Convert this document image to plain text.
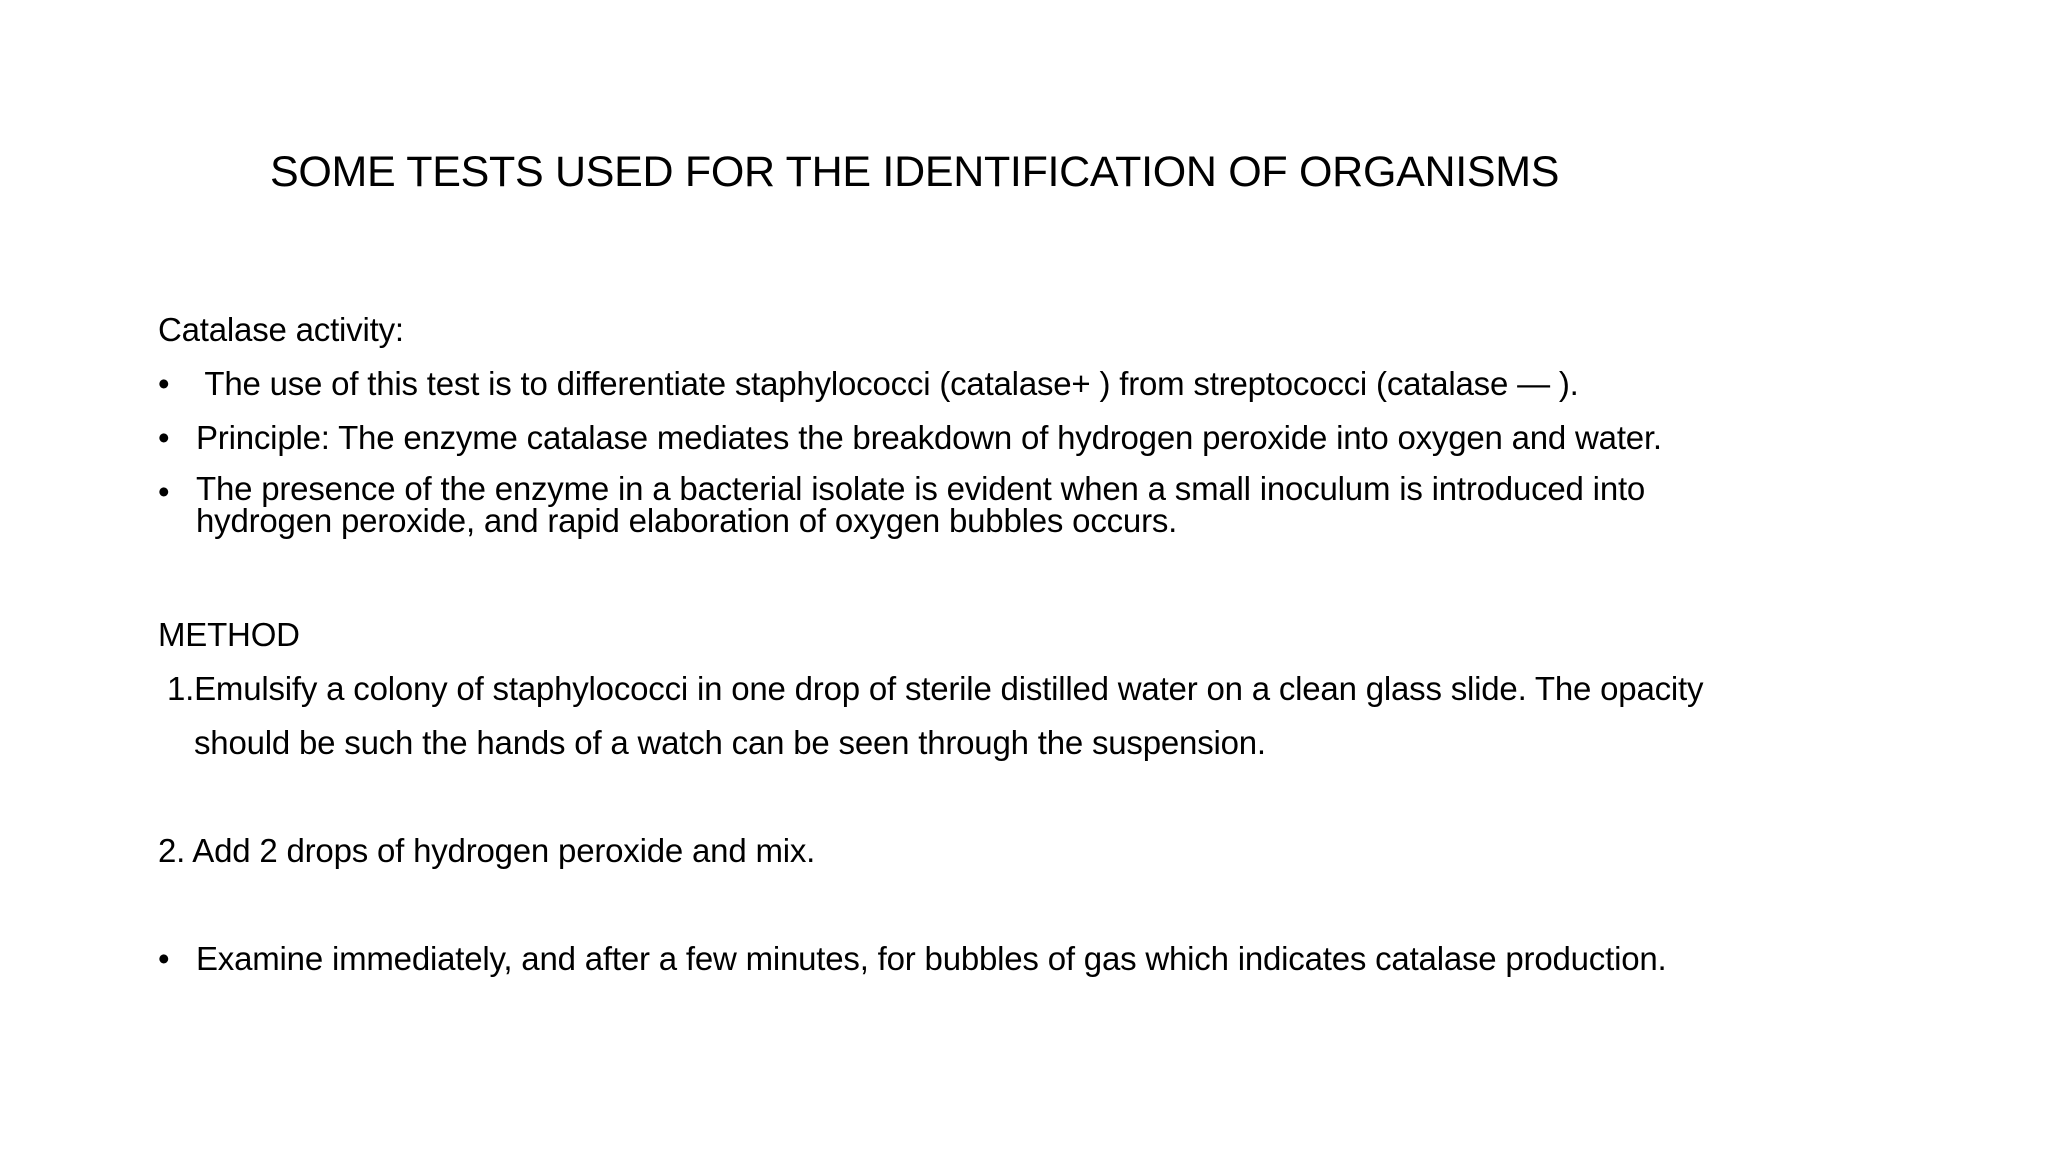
SOME TESTS USED FOR THE IDENTIFICATION OF ORGANISMS
Catalase activity:
• The use of this test is to differentiate staphylococci (catalase+ ) from streptococci (catalase — ).
• Principle: The enzyme catalase mediates the breakdown of hydrogen peroxide into oxygen and water.
• The presence of the enzyme in a bacterial isolate is evident when a small inoculum is introduced into
hydrogen peroxide, and rapid elaboration of oxygen bubbles occurs.
METHOD
1.Emulsify a colony of staphylococci in one drop of sterile distilled water on a clean glass slide. The opacity
should be such the hands of a watch can be seen through the suspension.
2. Add 2 drops of hydrogen peroxide and mix.
• Examine immediately, and after a few minutes, for bubbles of gas which indicates catalase production.
